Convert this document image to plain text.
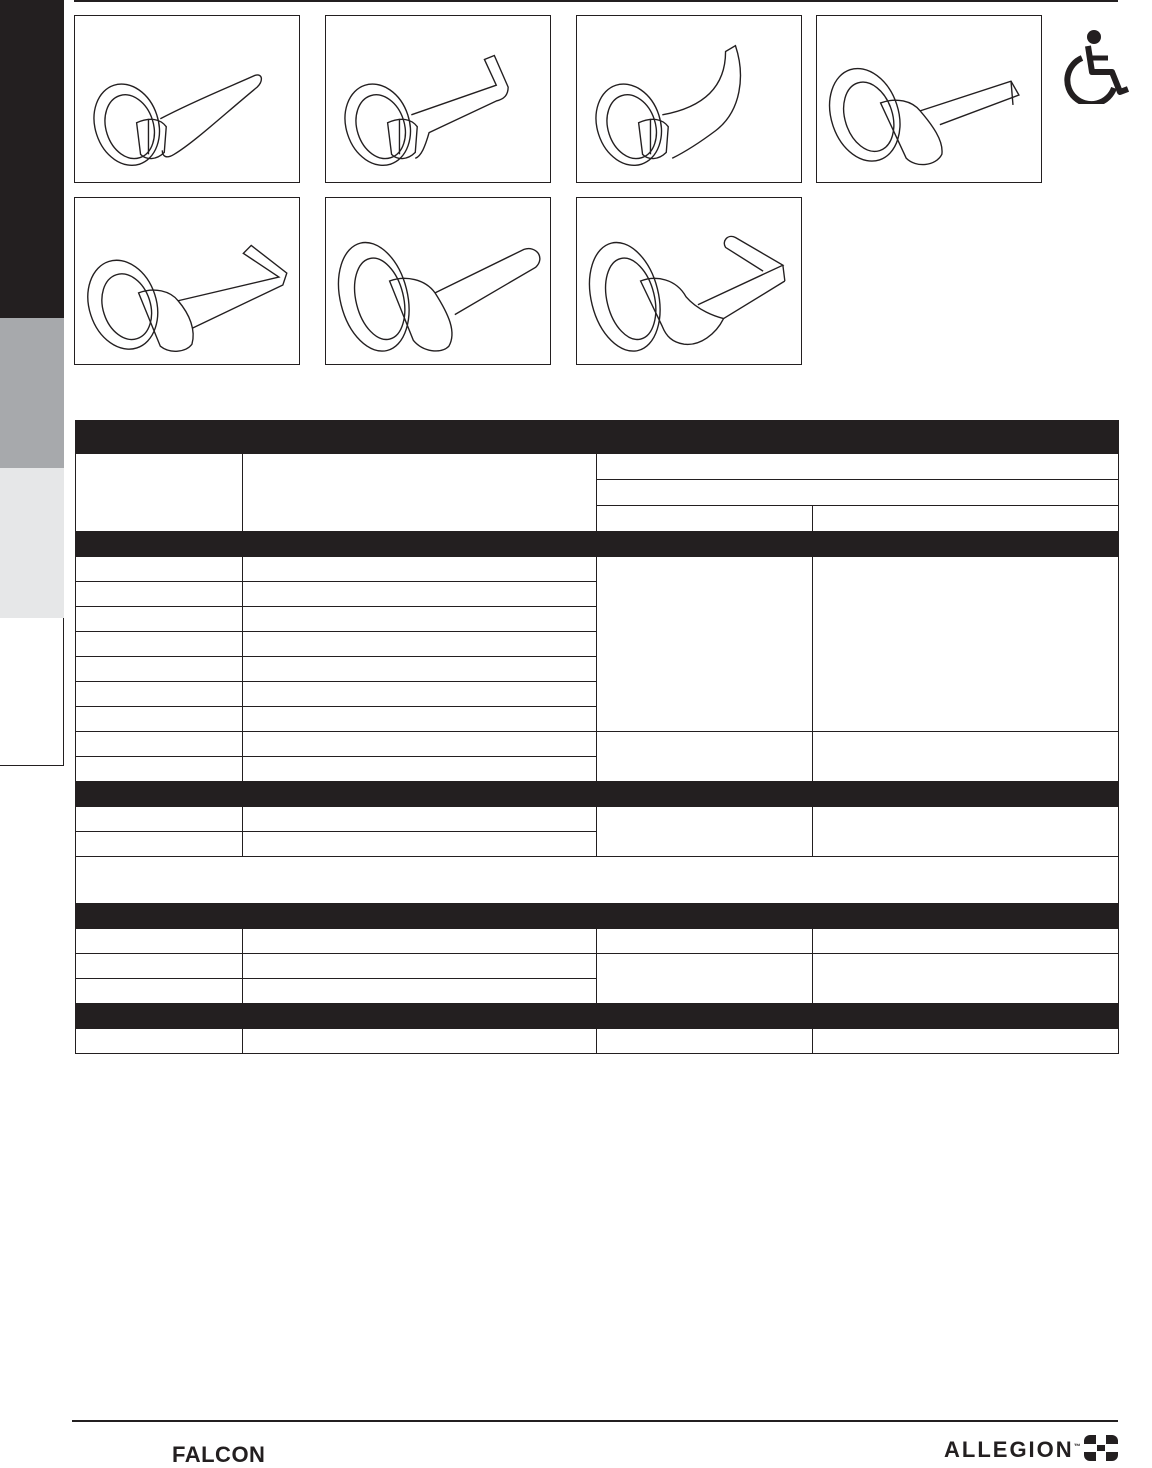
FALCON	ALLEGION™
